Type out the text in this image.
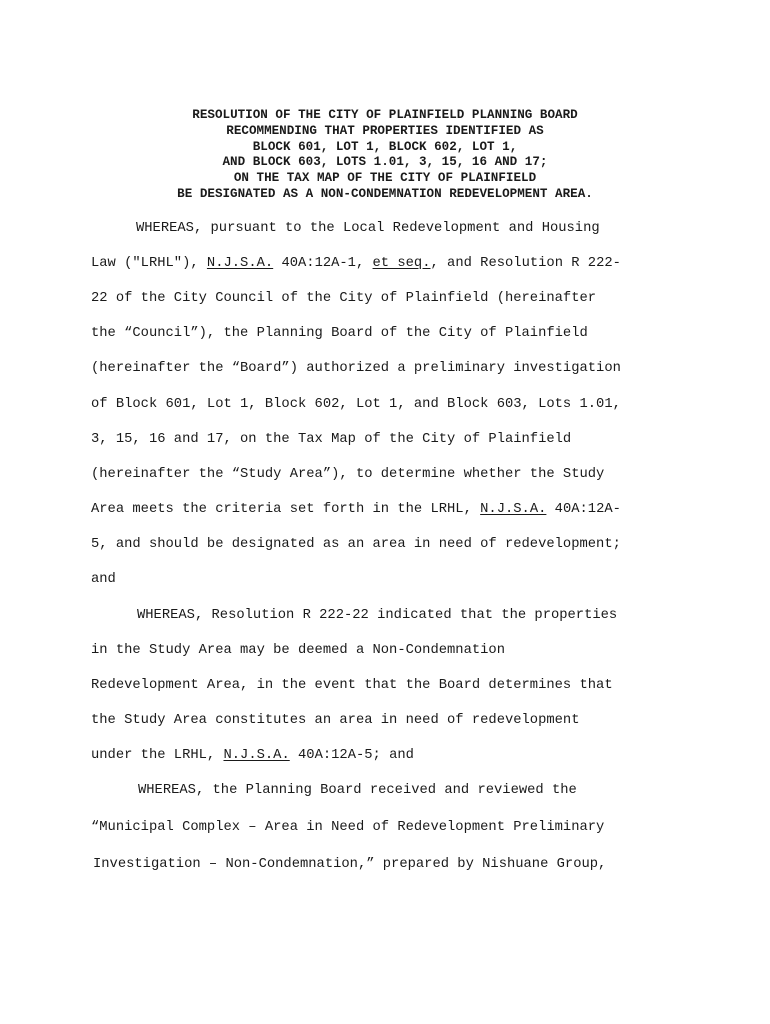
RESOLUTION OF THE CITY OF PLAINFIELD PLANNING BOARD
RECOMMENDING THAT PROPERTIES IDENTIFIED AS
BLOCK 601, LOT 1, BLOCK 602, LOT 1,
AND BLOCK 603, LOTS 1.01, 3, 15, 16 AND 17;
ON THE TAX MAP OF THE CITY OF PLAINFIELD
BE DESIGNATED AS A NON-CONDEMNATION REDEVELOPMENT AREA.
WHEREAS, pursuant to the Local Redevelopment and Housing
Law ("LRHL"), N.J.S.A. 40A:12A-1, et seq., and Resolution R 222-
22 of the City Council of the City of Plainfield (hereinafter
the “Council”), the Planning Board of the City of Plainfield
(hereinafter the “Board”) authorized a preliminary investigation
of Block 601, Lot 1, Block 602, Lot 1, and Block 603, Lots 1.01,
3, 15, 16 and 17, on the Tax Map of the City of Plainfield
(hereinafter the “Study Area”), to determine whether the Study
Area meets the criteria set forth in the LRHL, N.J.S.A. 40A:12A-
5, and should be designated as an area in need of redevelopment;
and
WHEREAS, Resolution R 222-22 indicated that the properties
in the Study Area may be deemed a Non-Condemnation
Redevelopment Area, in the event that the Board determines that
the Study Area constitutes an area in need of redevelopment
under the LRHL, N.J.S.A. 40A:12A-5; and
WHEREAS, the Planning Board received and reviewed the
“Municipal Complex – Area in Need of Redevelopment Preliminary
Investigation – Non-Condemnation,” prepared by Nishuane Group,
